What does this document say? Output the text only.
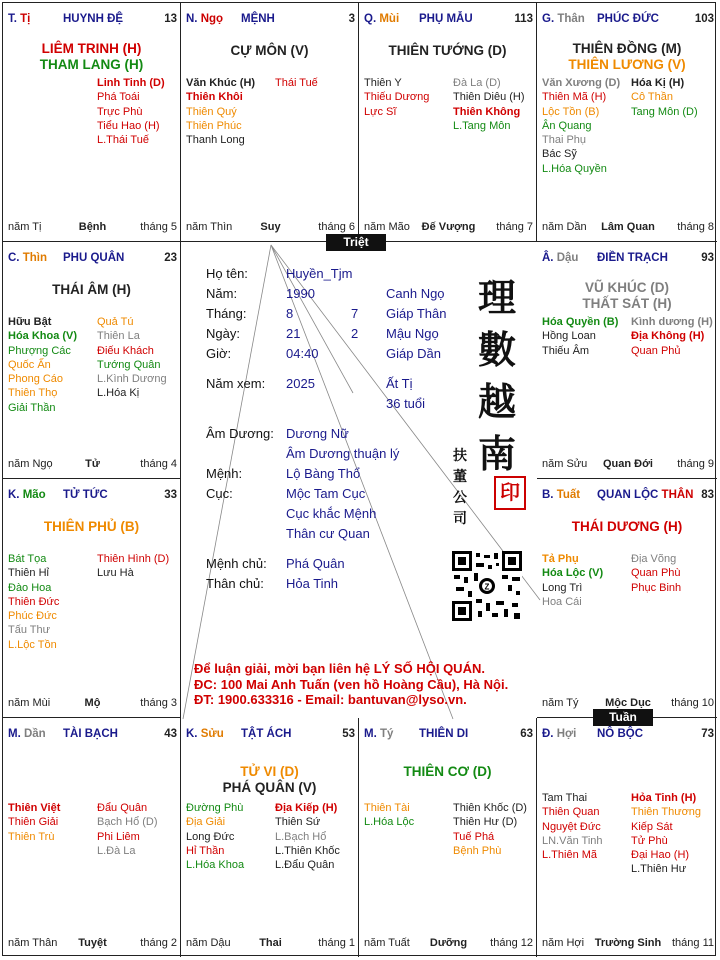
T. Tị	HUYNH ĐỆ	13
LIÊM TRINH (H)
THAM LANG (H)
Linh Tinh (D)
Phá Toái
Trực Phù
Tiểu Hao (H)
L.Thái Tuế
năm Tị	Bệnh	tháng 5
N. Ngọ MỆNH	3
CỰ MÔN (V)
Văn Khúc (H)
Thiên Khôi
Thiên Quý
Thiên Phúc
Thanh Long
Thái Tuế
năm Thìn	Suy	tháng 6
Q. Mùi PHỤ MẪU	113
THIÊN TƯỚNG (D)
Thiên Y
Thiếu Dương
Lực Sĩ
Đà La (D)
Thiên Diêu (H)
Thiên Không
L.Tang Môn
năm Mão	Đế Vượng	tháng 7
G. Thân PHÚC ĐỨC	103
THIÊN ĐỒNG (M)
THIÊN LƯƠNG (V)
Văn Xương (D)
Thiên Mã (H)
Lộc Tồn (B)
Ân Quang
Thai Phụ
Bác Sỹ
L.Hóa Quyền
Hóa Kị (H)
Cô Thần
Tang Môn (D)
năm Dần	Lâm Quan	tháng 8
C. Thìn PHU QUÂN	23
THÁI ÂM (H)
Hữu Bật
Hóa Khoa (V)
Phượng Các
Quốc Ấn
Phong Cáo
Thiên Thọ
Giải Thần
Quả Tú
Thiên La
Điếu Khách
Tướng Quân
L.Kình Dương
L.Hóa Kị
năm Ngọ	Tử	tháng 4
Â. Dậu ĐIỀN TRẠCH	93
VŨ KHÚC (D)
THẤT SÁT (H)
Hóa Quyền (B)
Hồng Loan
Thiếu Âm
Kình dương (H)
Địa Không (H)
Quan Phủ
năm Sửu	Quan Đới	tháng 9
K. Mão TỬ TỨC	33
THIÊN PHỦ (B)
Bát Tọa
Thiên Hỉ
Đào Hoa
Thiên Đức
Phúc Đức
Tấu Thư
L.Lộc Tồn
Thiên Hình (D)
Lưu Hà
năm Mùi	Mộ	tháng 3
B. Tuất QUAN LỘC THÂN 83
THÁI DƯƠNG (H)
Tả Phụ
Hóa Lộc (V)
Long Trì
Hoa Cái
Địa Võng
Quan Phù
Phục Binh
năm Tý	Mộc Dục	tháng 10
M. Dần TÀI BẠCH	43
Thiên Việt
Thiên Giải
Thiên Trù
Đẩu Quân
Bạch Hổ (D)
Phi Liêm
L.Đà La
năm Thân	Tuyệt	tháng 2
K. Sửu TẬT ÁCH	53
TỬ VI (D)
PHÁ QUÂN (V)
Đường Phù
Địa Giải
Long Đức
Hỉ Thần
L.Hóa Khoa
Địa Kiếp (H)
Thiên Sứ
L.Bạch Hổ
L.Thiên Khốc
L.Đẩu Quân
năm Dậu	Thai	tháng 1
M. Tý THIÊN DI	63
THIÊN CƠ (D)
Thiên Tài
L.Hóa Lộc
Thiên Khốc (D)
Thiên Hư (D)
Tuế Phá
Bệnh Phù
năm Tuất	Dưỡng	tháng 12
Đ. Hợi NÔ BỘC	73
Tam Thai
Thiên Quan
Nguyệt Đức
LN.Văn Tinh
L.Thiên Mã
Hỏa Tinh (H)
Thiên Thương
Kiếp Sát
Tử Phù
Đại Hao (H)
L.Thiên Hư
năm Hợi Trường Sinh tháng 11
Họ tên:	Huyền_Tjm
Năm:	1990	Canh Ngọ
Tháng:	8	7 Giáp Thân
Ngày:	21	2 Mậu Ngọ
Giờ:	04:40	Giáp Dần
Năm xem: 2025	Ất Tị
36 tuổi
Âm Dương: Dương Nữ
Âm Dương thuận lý
Mệnh:	Lộ Bàng Thổ
Cục:	Mộc Tam Cục
Cục khắc Mệnh
Thân cư Quan
Mệnh chủ: Phá Quân
Thân chủ: Hỏa Tinh
Để luận giải, mời bạn liên hệ LÝ SỐ HỘI QUÁN.
ĐC: 100 Mai Anh Tuấn (ven hồ Hoàng Cầu), Hà Nội.
ĐT: 1900.633316 - Email: bantuvan@lyso.vn.
理
數
越
南
扶
董
公
司
印
Z
Triệt
Tuần
